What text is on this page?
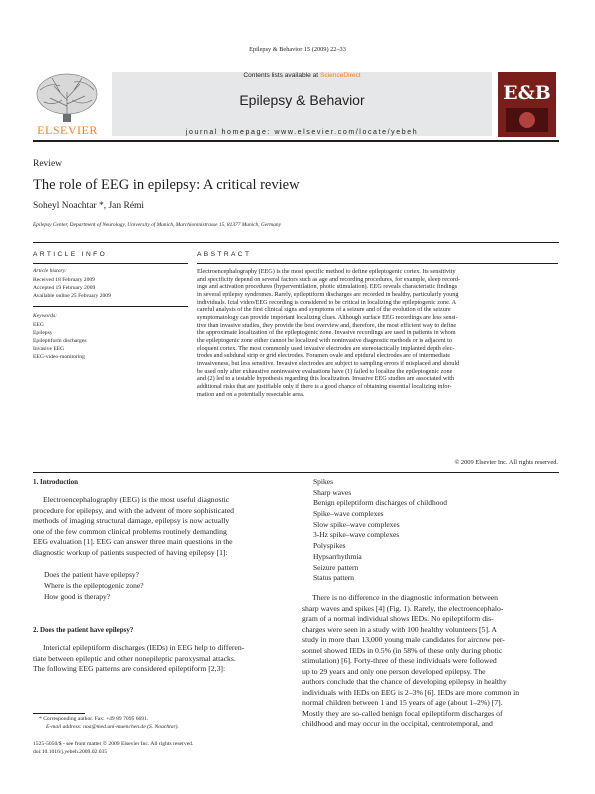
Epilepsy & Behavior 15 (2009) 22–33
Contents lists available at ScienceDirect
Epilepsy & Behavior
journal homepage: www.elsevier.com/locate/yebeh
ELSEVIER
E&B
Review
The role of EEG in epilepsy: A critical review
Soheyl Noachtar *, Jan Rémi
Epilepsy Center, Department of Neurology, University of Munich, Marchioninistrasse 15, 81377 Munich, Germany
ARTICLE INFO
Article history:
Received 18 February 2009
Accepted 19 February 2009
Available online 25 February 2009
Keywords:
EEG
Epilepsy
Epileptiform discharges
Invasive EEG
EEG-video-monitoring
ABSTRACT
Electroencephalography (EEG) is the most specific method to define epileptogenic cortex. Its sensitivity
and specificity depend on several factors such as age and recording procedures, for example, sleep record-
ings and activation procedures (hyperventilation, photic stimulation). EEG reveals characteristic findings
in several epilepsy syndromes. Rarely, epileptiform discharges are recorded in healthy, particularly young
individuals. Ictal video/EEG recording is considered to be critical in localizing the epileptogenic zone. A
careful analysis of the first clinical signs and symptoms of a seizure and of the evolution of the seizure
symptomatology can provide important localizing clues. Although surface EEG recordings are less sensi-
tive than invasive studies, they provide the best overview and, therefore, the most efficient way to define
the approximate localization of the epileptogenic zone. Invasive recordings are used in patients in whom
the epileptogenic zone either cannot be localized with noninvasive diagnostic methods or is adjacent to
eloquent cortex. The most commonly used invasive electrodes are stereotactically implanted depth elec-
trodes and subdural strip or grid electrodes. Foramen ovale and epidural electrodes are of intermediate
invasiveness, but less sensitive. Invasive electrodes are subject to sampling errors if misplaced and should
be used only after exhaustive noninvasive evaluations have (1) failed to localize the epileptogenic zone
and (2) led to a testable hypothesis regarding this localization. Invasive EEG studies are associated with
additional risks that are justifiable only if there is a good chance of obtaining essential localizing infor-
mation and on a potentially resectable area.
© 2009 Elsevier Inc. All rights reserved.
1. Introduction
Electroencephalography (EEG) is the most useful diagnostic
procedure for epilepsy, and with the advent of more sophisticated
methods of imaging structural damage, epilepsy is now actually
one of the few common clinical problems routinely demanding
EEG evaluation [1]. EEG can answer three main questions in the
diagnostic workup of patients suspected of having epilepsy [1]:
Does the patient have epilepsy?
Where is the epileptogenic zone?
How good is therapy?
2. Does the patient have epilepsy?
Interictal epileptiform discharges (IEDs) in EEG help to differen-
tiate between epileptic and other nonepileptic paroxysmal attacks.
The following EEG patterns are considered epileptiform [2,3]:
* Corresponding author. Fax: +49 89 7095 6691.
E-mail address: noa@med.uni-muenchen.de (S. Noachtar).
1525-5050/$ - see front matter © 2009 Elsevier Inc. All rights reserved.
doi:10.1016/j.yebeh.2009.02.035
Spikes
Sharp waves
Benign epileptiform discharges of childhood
Spike–wave complexes
Slow spike–wave complexes
3-Hz spike–wave complexes
Polyspikes
Hypsarrhythmia
Seizure pattern
Status pattern
There is no difference in the diagnostic information between
sharp waves and spikes [4] (Fig. 1). Rarely, the electroencephalo-
gram of a normal individual shows IEDs. No epileptiform dis-
charges were seen in a study with 100 healthy volunteers [5]. A
study in more than 13,000 young male candidates for aircrew per-
sonnel showed IEDs in 0.5% (in 58% of these only during photic
stimulation) [6]. Forty-three of these individuals were followed
up to 29 years and only one person developed epilepsy. The
authors conclude that the chance of developing epilepsy in healthy
individuals with IEDs on EEG is 2–3% [6]. IEDs are more common in
normal children between 1 and 15 years of age (about 1–2%) [7].
Mostly they are so-called benign focal epileptiform discharges of
childhood and may occur in the occipital, centrotemporal, and
